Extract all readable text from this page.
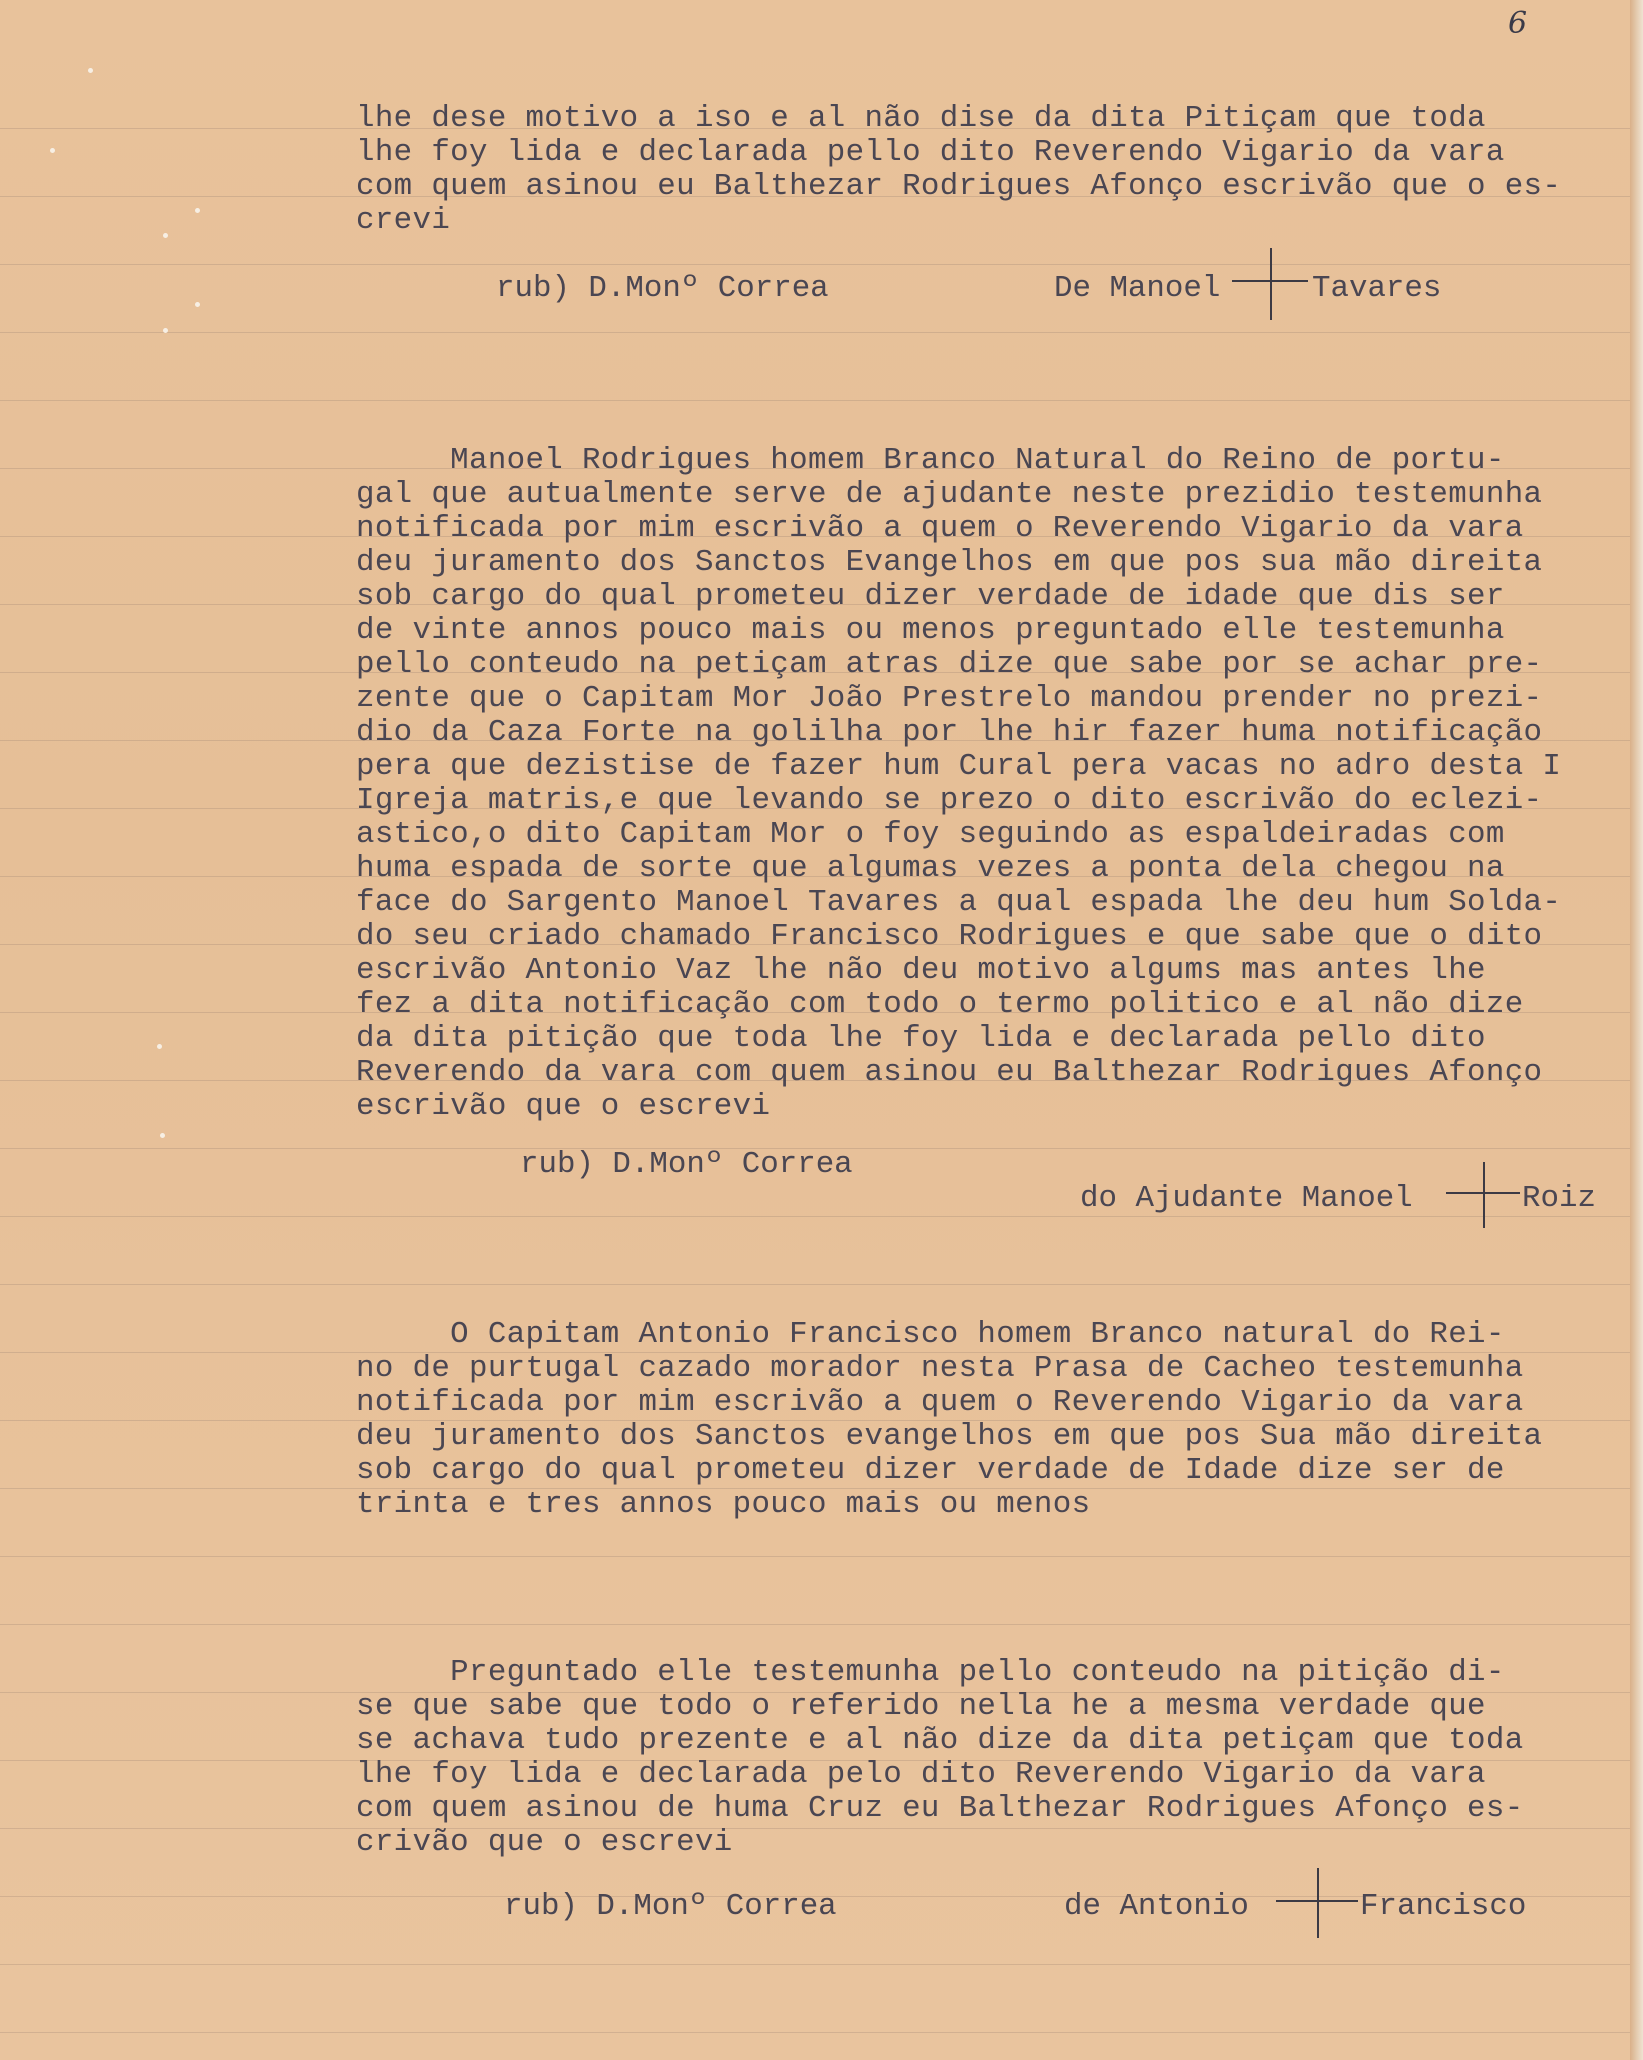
6

lhe dese motivo a iso e al não dise da dita Pitiçam que toda

lhe foy lida e declarada pello dito Reverendo Vigario da vara

com quem asinou eu Balthezar Rodrigues Afonço escrivão que o es-

crevi

rub) D.Monº Correa	De Manoel	Tavares

Manoel Rodrigues homem Branco Natural do Reino de portu-

gal que autualmente serve de ajudante neste prezidio testemunha

notificada por mim escrivão a quem o Reverendo Vigario da vara

deu juramento dos Sanctos Evangelhos em que pos sua mão direita

sob cargo do qual prometeu dizer verdade de idade que dis ser

de vinte annos pouco mais ou menos preguntado elle testemunha

pello conteudo na petiçam atras dize que sabe por se achar pre-

zente que o Capitam Mor João Prestrelo mandou prender no prezi-

dio da Caza Forte na golilha por lhe hir fazer huma notificação

pera que dezistise de fazer hum Cural pera vacas no adro desta I

Igreja matris,e que levando se prezo o dito escrivão do eclezi-

astico,o dito Capitam Mor o foy seguindo as espaldeiradas com

huma espada de sorte que algumas vezes a ponta dela chegou na

face do Sargento Manoel Tavares a qual espada lhe deu hum Solda-

do seu criado chamado Francisco Rodrigues e que sabe que o dito

escrivão Antonio Vaz lhe não deu motivo algums mas antes lhe

fez a dita notificação com todo o termo politico e al não dize

da dita pitição que toda lhe foy lida e declarada pello dito

Reverendo da vara com quem asinou eu Balthezar Rodrigues Afonço

escrivão que o escrevi

rub) D.Monº Correa

do Ajudante Manoel	Roiz

O Capitam Antonio Francisco homem Branco natural do Rei-

no de purtugal cazado morador nesta Prasa de Cacheo testemunha

notificada por mim escrivão a quem o Reverendo Vigario da vara

deu juramento dos Sanctos evangelhos em que pos Sua mão direita

sob cargo do qual prometeu dizer verdade de Idade dize ser de

trinta e tres annos pouco mais ou menos

Preguntado elle testemunha pello conteudo na pitição di-

se que sabe que todo o referido nella he a mesma verdade que

se achava tudo prezente e al não dize da dita petiçam que toda

lhe foy lida e declarada pelo dito Reverendo Vigario da vara

com quem asinou de huma Cruz eu Balthezar Rodrigues Afonço es-

crivão que o escrevi

rub) D.Monº Correa	de Antonio	Francisco
